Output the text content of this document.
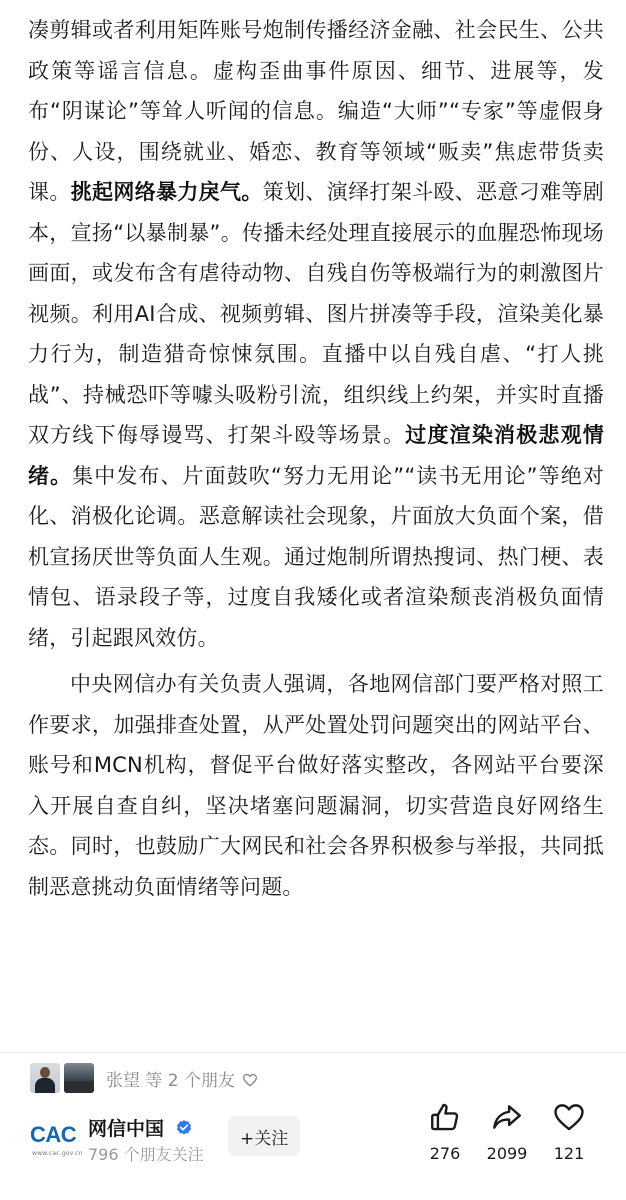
凑剪辑或者利用矩阵账号炮制传播经济金融、社会民生、公共政策等谣言信息。虚构歪曲事件原因、细节、进展等，发布“阴谋论”等耸人听闻的信息。编造“大师”“专家”等虚假身份、人设，围绕就业、婚恋、教育等领域“贩卖”焦虑带货卖课。挑起网络暴力戾气。策划、演绎打架斗殴、恶意刁难等剧本，宣扬“以暴制暴”。传播未经处理直接展示的血腥恐怖现场画面，或发布含有虐待动物、自残自伤等极端行为的刺激图片视频。利用AI合成、视频剪辑、图片拼凑等手段，渲染美化暴力行为，制造猎奇惊悚氛围。直播中以自残自虐、“打人挑战”、持械恐吓等噱头吸粉引流，组织线上约架，并实时直播双方线下侮辱谩骂、打架斗殴等场景。过度渲染消极悲观情绪。集中发布、片面鼓吹“努力无用论”“读书无用论”等绝对化、消极化论调。恶意解读社会现象，片面放大负面个案，借机宣扬厌世等负面人生观。通过炮制所谓热搜词、热门梗、表情包、语录段子等，过度自我矮化或者渲染颓丧消极负面情绪，引起跟风效仿。

中央网信办有关负责人强调，各地网信部门要严格对照工作要求，加强排查处置，从严处置处罚问题突出的网站平台、账号和MCN机构，督促平台做好落实整改，各网站平台要深入开展自查自纠，坚决堵塞问题漏洞，切实营造良好网络生态。同时，也鼓励广大网民和社会各界积极参与举报，共同抵制恶意挑动负面情绪等问题。

张望 等 2 个朋友
CAC
www.cac.gov.cn
网信中国
796 个朋友关注
+关注
276	2099	121
